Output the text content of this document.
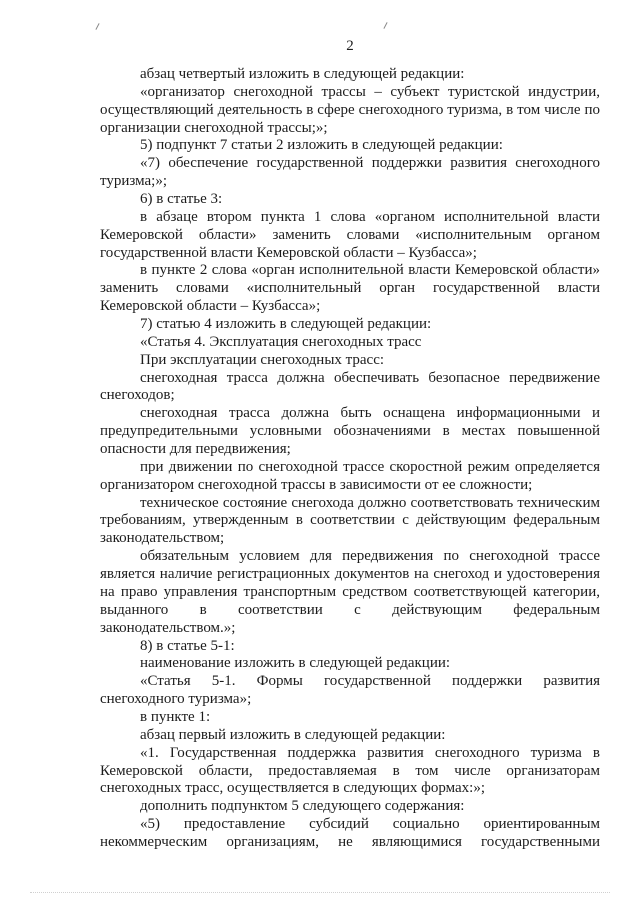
2
абзац четвертый изложить в следующей редакции:
«организатор снегоходной трассы – субъект туристской индустрии,
осуществляющий деятельность в сфере снегоходного туризма, в том числе по
организации снегоходной трассы;»;
5) подпункт 7 статьи 2 изложить в следующей редакции:
«7) обеспечение государственной поддержки развития снегоходного
туризма;»;
6) в статье 3:
в абзаце втором пункта 1 слова «органом исполнительной власти
Кемеровской области» заменить словами «исполнительным органом
государственной власти Кемеровской области – Кузбасса»;
в пункте 2 слова «орган исполнительной власти Кемеровской области»
заменить словами «исполнительный орган государственной власти
Кемеровской области – Кузбасса»;
7) статью 4 изложить в следующей редакции:
«Статья 4. Эксплуатация снегоходных трасс
При эксплуатации снегоходных трасс:
снегоходная трасса должна обеспечивать безопасное передвижение
снегоходов;
снегоходная трасса должна быть оснащена информационными и
предупредительными условными обозначениями в местах повышенной
опасности для передвижения;
при движении по снегоходной трассе скоростной режим определяется
организатором снегоходной трассы в зависимости от ее сложности;
техническое состояние снегохода должно соответствовать техническим
требованиям, утвержденным в соответствии с действующим федеральным
законодательством;
обязательным условием для передвижения по снегоходной трассе
является наличие регистрационных документов на снегоход и удостоверения
на право управления транспортным средством соответствующей категории,
выданного в соответствии с действующим федеральным
законодательством.»;
8) в статье 5-1:
наименование изложить в следующей редакции:
«Статья 5-1. Формы государственной поддержки развития
снегоходного туризма»;
в пункте 1:
абзац первый изложить в следующей редакции:
«1. Государственная поддержка развития снегоходного туризма в
Кемеровской области, предоставляемая в том числе организаторам
снегоходных трасс, осуществляется в следующих формах:»;
дополнить подпунктом 5 следующего содержания:
«5) предоставление субсидий социально ориентированным
некоммерческим организациям, не являющимися государственными
